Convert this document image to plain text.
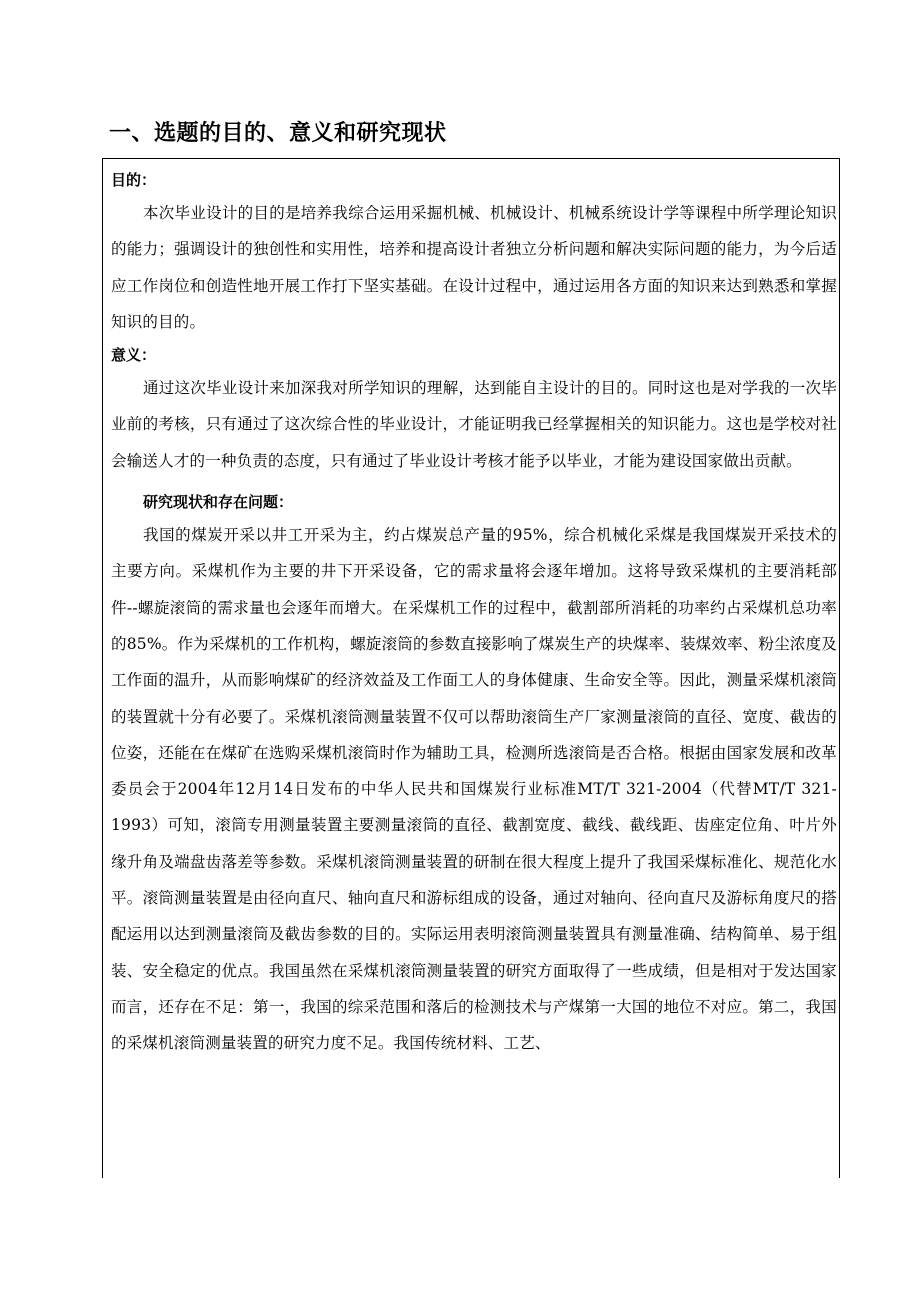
一、选题的目的、意义和研究现状

目的：

本次毕业设计的目的是培养我综合运用采掘机械、机械设计、机械系统设计学等课程中所学理论知识的能力；强调设计的独创性和实用性，培养和提高设计者独立分析问题和解决实际问题的能力，为今后适应工作岗位和创造性地开展工作打下坚实基础。在设计过程中，通过运用各方面的知识来达到熟悉和掌握知识的目的。

意义：

通过这次毕业设计来加深我对所学知识的理解，达到能自主设计的目的。同时这也是对学我的一次毕业前的考核，只有通过了这次综合性的毕业设计，才能证明我已经掌握相关的知识能力。这也是学校对社会输送人才的一种负责的态度，只有通过了毕业设计考核才能予以毕业，才能为建设国家做出贡献。

研究现状和存在问题：

我国的煤炭开采以井工开采为主，约占煤炭总产量的95%，综合机械化采煤是我国煤炭开采技术的主要方向。采煤机作为主要的井下开采设备，它的需求量将会逐年增加。这将导致采煤机的主要消耗部件--螺旋滚筒的需求量也会逐年而增大。在采煤机工作的过程中，截割部所消耗的功率约占采煤机总功率的85%。作为采煤机的工作机构，螺旋滚筒的参数直接影响了煤炭生产的块煤率、装煤效率、粉尘浓度及工作面的温升，从而影响煤矿的经济效益及工作面工人的身体健康、生命安全等。因此，测量采煤机滚筒的装置就十分有必要了。采煤机滚筒测量装置不仅可以帮助滚筒生产厂家测量滚筒的直径、宽度、截齿的位姿，还能在在煤矿在选购采煤机滚筒时作为辅助工具，检测所选滚筒是否合格。根据由国家发展和改革委员会于2004年12月14日发布的中华人民共和国煤炭行业标准MT/T 321-2004（代替MT/T 321-1993）可知，滚筒专用测量装置主要测量滚筒的直径、截割宽度、截线、截线距、齿座定位角、叶片外缘升角及端盘齿落差等参数。采煤机滚筒测量装置的研制在很大程度上提升了我国采煤标准化、规范化水平。滚筒测量装置是由径向直尺、轴向直尺和游标组成的设备，通过对轴向、径向直尺及游标角度尺的搭配运用以达到测量滚筒及截齿参数的目的。实际运用表明滚筒测量装置具有测量准确、结构简单、易于组装、安全稳定的优点。我国虽然在采煤机滚筒测量装置的研究方面取得了一些成绩，但是相对于发达国家而言，还存在不足：第一，我国的综采范围和落后的检测技术与产煤第一大国的地位不对应。第二，我国的采煤机滚筒测量装置的研究力度不足。我国传统材料、工艺、
